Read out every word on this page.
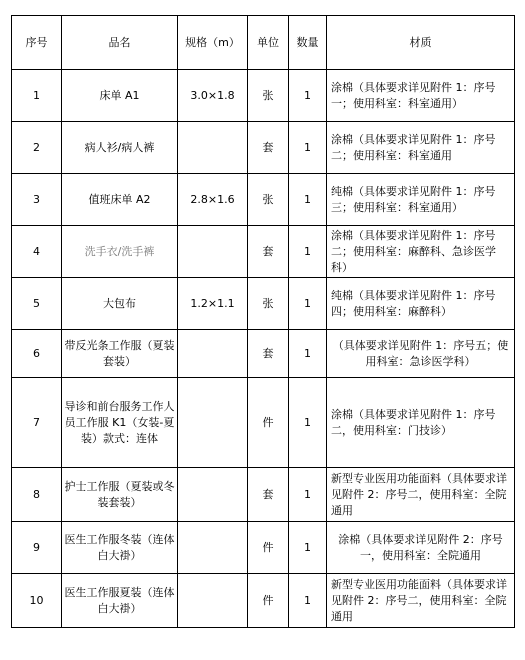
序号	品名	规格（m）	单位	数量	材质
1	床单 A1	3.0×1.8	张	1	涂棉（具体要求详见附件 1：序号一；使用科室：科室通用）
2	病人衫/病人裤		套	1	涂棉（具体要求详见附件 1：序号二；使用科室：科室通用
3	值班床单 A2	2.8×1.6	张	1	纯棉（具体要求详见附件 1：序号三；使用科室：科室通用）
4	洗手衣/洗手裤		套	1	涂棉（具体要求详见附件 1：序号二；使用科室：麻醉科、急诊医学科）
5	大包布	1.2×1.1	张	1	纯棉（具体要求详见附件 1：序号四；使用科室：麻醉科）
6	带反光条工作服（夏装套装）		套	1	（具体要求详见附件 1：序号五；使用科室：急诊医学科）
7	导诊和前台服务工作人员工作服 K1（女装-夏装）款式：连体		件	1	涂棉（具体要求详见附件 1：序号二，使用科室：门技诊）
8	护士工作服（夏装或冬装套装）		套	1	新型专业医用功能面料（具体要求详见附件 2：序号二，使用科室：全院通用
9	医生工作服冬装（连体白大褂）		件	1	涂棉（具体要求详见附件 2：序号一，使用科室：全院通用
10	医生工作服夏装（连体白大褂）		件	1	新型专业医用功能面料（具体要求详见附件 2：序号二，使用科室：全院通用
